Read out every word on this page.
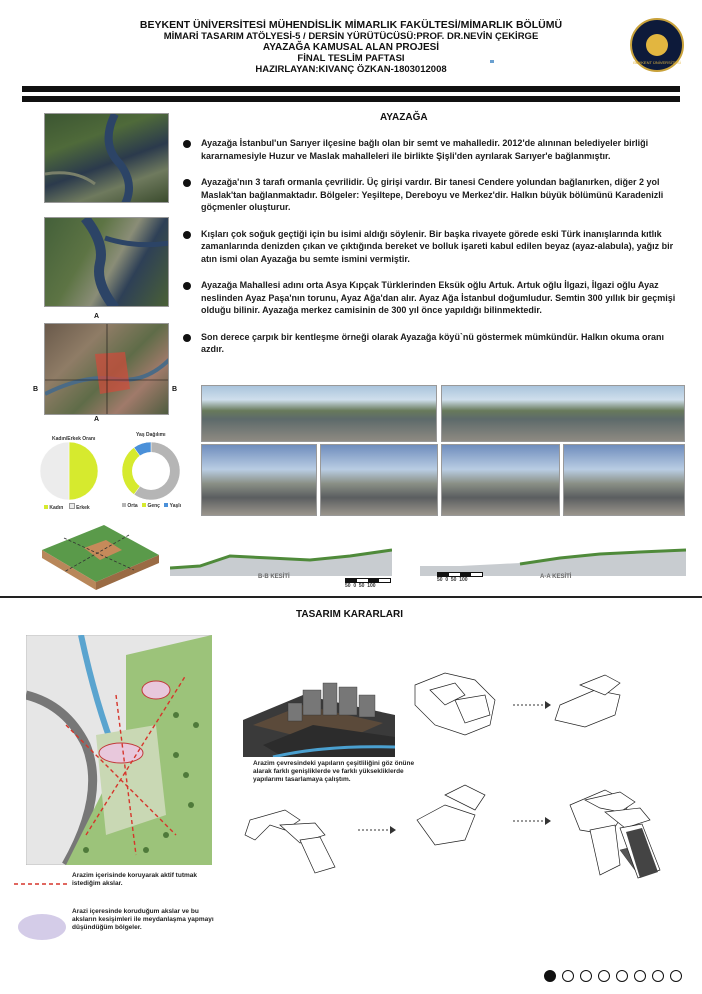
BEYKENT ÜNİVERSİTESİ MÜHENDİSLİK MİMARLIK FAKÜLTESİ/MİMARLIK BÖLÜMÜ
MİMARİ TASARIM ATÖLYESİ-5 / DERSİN YÜRÜTÜCÜSÜ:PROF. DR.NEVİN ÇEKİRGE
AYAZAĞA KAMUSAL ALAN PROJESİ
FİNAL TESLİM PAFTASI
HAZIRLAYAN:KIVANÇ ÖZKAN-1803012008
BEYKENT ÜNİVERSİTESİ
AYAZAĞA
A
A
B	B
Ayazağa İstanbul'un Sarıyer ilçesine bağlı olan bir semt ve mahalledir. 2012'de alınınan belediyeler birliği kararnamesiyle Huzur ve Maslak mahalleleri ile birlikte Şişli'den ayrılarak Sarıyer'e bağlanmıştır.
Ayazağa'nın 3 tarafı ormanla çevrilidir. Üç girişi vardır. Bir tanesi Cendere yolundan bağlanırken, diğer 2 yol Maslak'tan bağlanmaktadır. Bölgeler: Yeşiltepe, Dereboyu ve Merkez'dir. Halkın büyük bölümünü Karadenizli göçmenler oluşturur.
Kışları çok soğuk geçtiği için bu isimi aldığı söylenir. Bir başka rivayete görede eski Türk inanışlarında kıtlık zamanlarında denizden çıkan ve çıktığında bereket ve bolluk işareti kabul edilen beyaz (ayaz-alabula), yağız bir atın ismi olan Ayazağa bu semte ismini vermiştir.
Ayazağa Mahallesi adını orta Asya Kıpçak Türklerinden Eksük oğlu Artuk. Artuk oğlu İlgazi, İlgazi oğlu Ayaz neslinden Ayaz Paşa'nın torunu, Ayaz Ağa'dan alır. Ayaz Ağa İstanbul doğumludur. Semtin 300 yıllık bir geçmişi olduğu bilinir. Ayazağa merkez camisinin de 300 yıl önce yapıldığı bilinmektedir.
Son derece çarpık bir kentleşme örneği olarak Ayazağa köyü`nü göstermek mümkündür. Halkın okuma oranı azdır.
Kadın/Erkek Oranı
Kadın	Erkek
Yaş Dağılımı
Orta Genç Yaşlı
B-B KESİTİ	A-A KESİTİ
50 0 50 100
50 0 50 100
TASARIM KARARLARI
Arazim içerisinde koruyarak aktif tutmak istediğim akslar.
Arazi içeresinde koruduğum akslar ve bu aksların kesişimleri ile meydanlaşma yapmayı düşündüğüm bölgeler.
Arazim çevresindeki yapıların çeşitliliğini göz önüne alarak farklı genişliklerde ve farklı yüksekliklerde yapılarımı tasarlamaya çalıştım.
